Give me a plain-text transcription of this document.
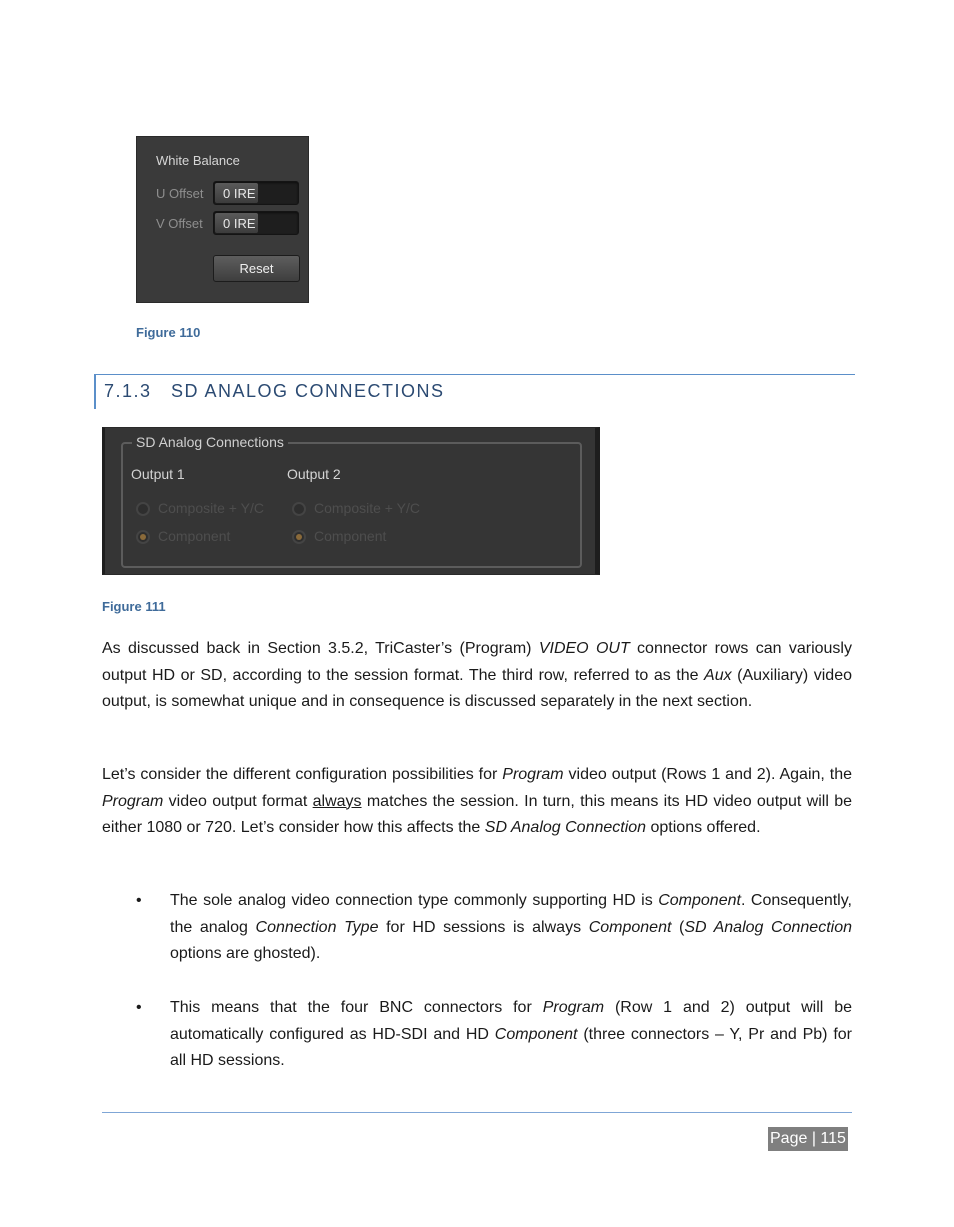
White Balance
U Offset 0 IRE
V Offset 0 IRE
Reset
Figure 110
7.1.3 SD ANALOG CONNECTIONS
SD Analog Connections
Output 1	Output 2
Composite + Y/C
Component
Composite + Y/C
Component
Figure 111
As discussed back in Section 3.5.2, TriCaster’s (Program) VIDEO OUT connector rows can variously output HD or SD, according to the session format. The third row, referred to as the Aux (Auxiliary) video output, is somewhat unique and in consequence is discussed separately in the next section.
Let’s consider the different configuration possibilities for Program video output (Rows 1 and 2). Again, the Program video output format always matches the session. In turn, this means its HD video output will be either 1080 or 720. Let’s consider how this affects the SD Analog Connection options offered.
• The sole analog video connection type commonly supporting HD is Component. Consequently, the analog Connection Type for HD sessions is always Component (SD Analog Connection options are ghosted).
• This means that the four BNC connectors for Program (Row 1 and 2) output will be automatically configured as HD-SDI and HD Component (three connectors – Y, Pr and Pb) for all HD sessions.
Page | 115
